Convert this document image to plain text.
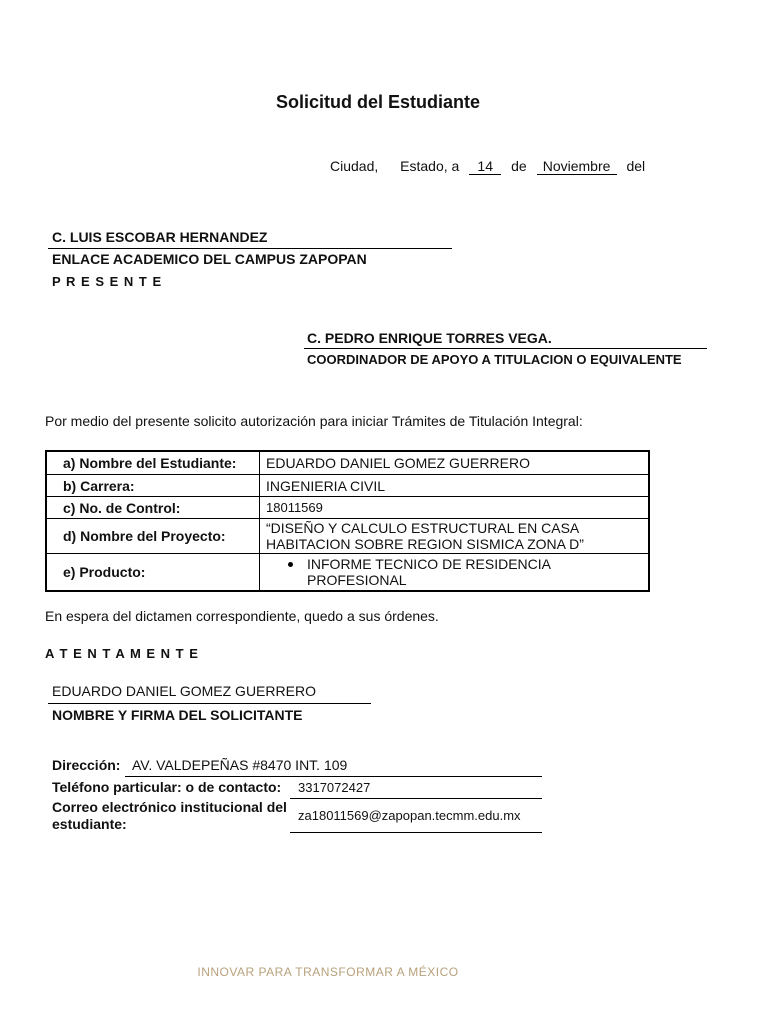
Solicitud del Estudiante
Ciudad, Estado, a 14 de Noviembre del
C. LUIS ESCOBAR HERNANDEZ
ENLACE ACADEMICO DEL CAMPUS ZAPOPAN
P R E S E N T E
C. PEDRO ENRIQUE TORRES VEGA.
COORDINADOR DE APOYO A TITULACION O EQUIVALENTE
Por medio del presente solicito autorización para iniciar Trámites de Titulación Integral:
a) Nombre del Estudiante:	EDUARDO DANIEL GOMEZ GUERRERO
b) Carrera:	INGENIERIA CIVIL
c) No. de Control:	18011569
d) Nombre del Proyecto:	“DISEÑO Y CALCULO ESTRUCTURAL EN CASA
HABITACION SOBRE REGION SISMICA ZONA D”

e) Producto:	INFORME TECNICO DE RESIDENCIA
PROFESIONAL
En espera del dictamen correspondiente, quedo a sus órdenes.
A T E N T A M E N T E
EDUARDO DANIEL GOMEZ GUERRERO
NOMBRE Y FIRMA DEL SOLICITANTE
Dirección: AV. VALDEPEÑAS #8470 INT. 109
Teléfono particular: o de contacto: 3317072427
Correo electrónico institucional del
estudiante:
za18011569@zapopan.tecmm.edu.mx
INNOVAR PARA TRANSFORMAR A MÉXICO
